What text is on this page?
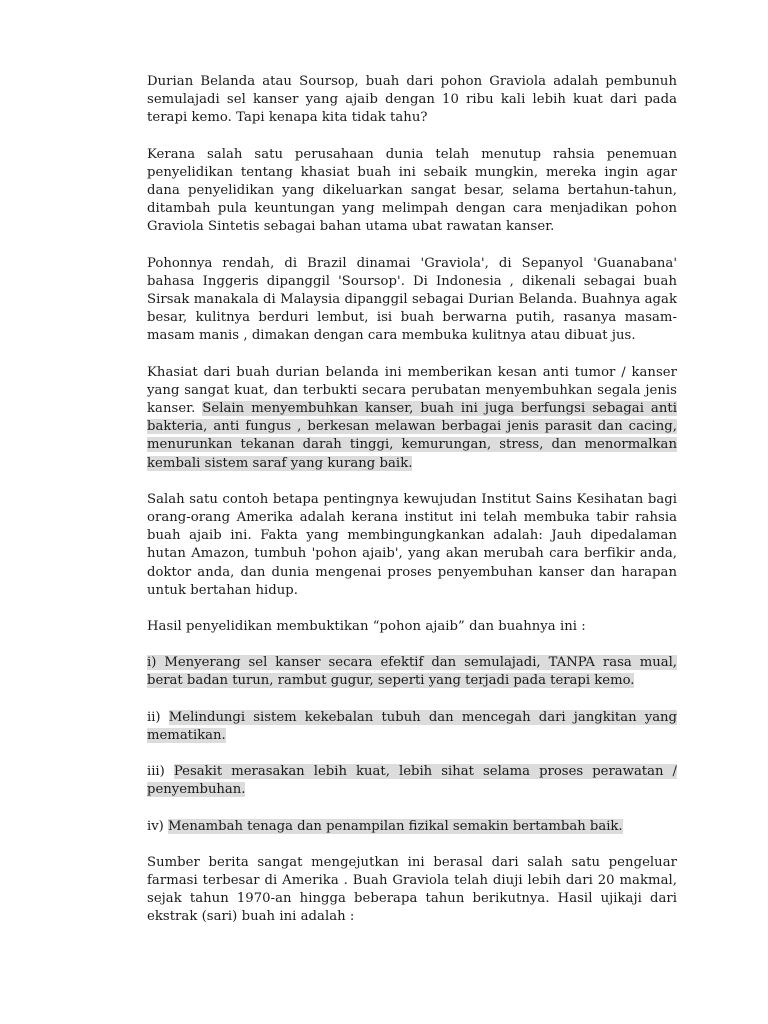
Durian Belanda atau Soursop, buah dari pohon Graviola adalah pembunuh semulajadi sel kanser yang ajaib dengan 10 ribu kali lebih kuat dari pada terapi kemo. Tapi kenapa kita tidak tahu?

Kerana salah satu perusahaan dunia telah menutup rahsia penemuan penyelidikan tentang khasiat buah ini sebaik mungkin, mereka ingin agar dana penyelidikan yang dikeluarkan sangat besar, selama bertahun-tahun, ditambah pula keuntungan yang melimpah dengan cara menjadikan pohon Graviola Sintetis sebagai bahan utama ubat rawatan kanser.

Pohonnya rendah, di Brazil dinamai 'Graviola', di Sepanyol 'Guanabana' bahasa Inggeris dipanggil 'Soursop'. Di Indonesia , dikenali sebagai buah Sirsak manakala di Malaysia dipanggil sebagai Durian Belanda. Buahnya agak besar, kulitnya berduri lembut, isi buah berwarna putih, rasanya masam-masam manis , dimakan dengan cara membuka kulitnya atau dibuat jus.

Khasiat dari buah durian belanda ini memberikan kesan anti tumor / kanser yang sangat kuat, dan terbukti secara perubatan menyembuhkan segala jenis kanser. Selain menyembuhkan kanser, buah ini juga berfungsi sebagai anti bakteria, anti fungus , berkesan melawan berbagai jenis parasit dan cacing, menurunkan tekanan darah tinggi, kemurungan, stress, dan menormalkan kembali sistem saraf yang kurang baik.

Salah satu contoh betapa pentingnya kewujudan Institut Sains Kesihatan bagi orang-orang Amerika adalah kerana institut ini telah membuka tabir rahsia buah ajaib ini. Fakta yang membingungkankan adalah: Jauh dipedalaman hutan Amazon, tumbuh 'pohon ajaib', yang akan merubah cara berfikir anda, doktor anda, dan dunia mengenai proses penyembuhan kanser dan harapan untuk bertahan hidup.

Hasil penyelidikan membuktikan “pohon ajaib” dan buahnya ini :

i) Menyerang sel kanser secara efektif dan semulajadi, TANPA rasa mual, berat badan turun, rambut gugur, seperti yang terjadi pada terapi kemo.

ii) Melindungi sistem kekebalan tubuh dan mencegah dari jangkitan yang mematikan.

iii) Pesakit merasakan lebih kuat, lebih sihat selama proses perawatan / penyembuhan.

iv) Menambah tenaga dan penampilan fizikal semakin bertambah baik.

Sumber berita sangat mengejutkan ini berasal dari salah satu pengeluar farmasi terbesar di Amerika . Buah Graviola telah diuji lebih dari 20 makmal, sejak tahun 1970-an hingga beberapa tahun berikutnya. Hasil ujikaji dari ekstrak (sari) buah ini adalah :
